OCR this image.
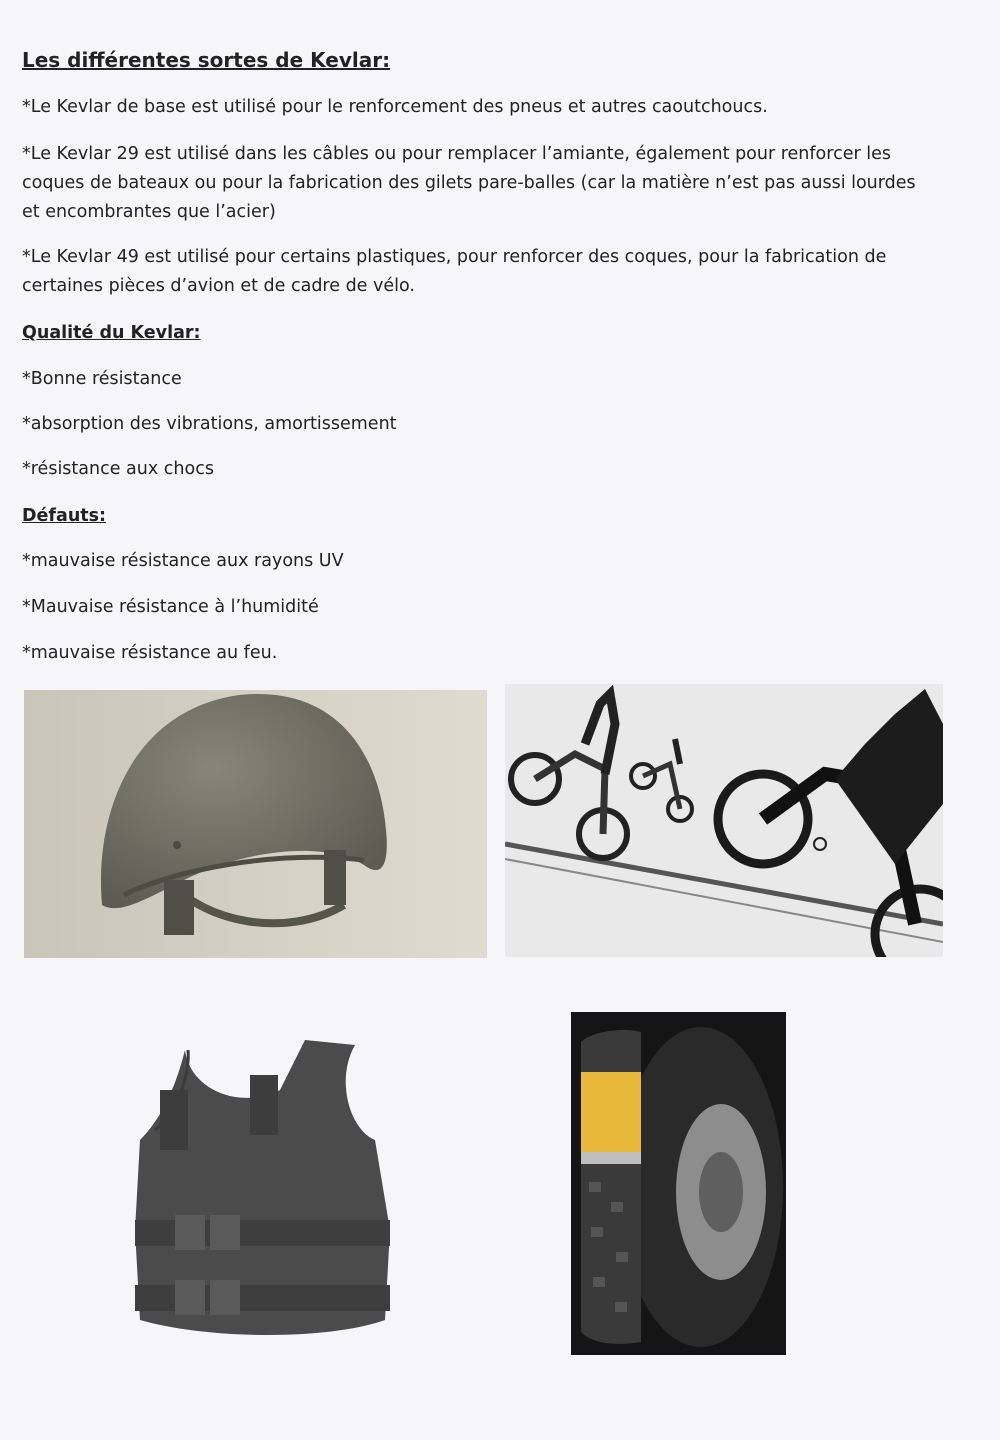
Les différentes sortes de Kevlar:
*Le Kevlar de base est utilisé pour le renforcement des pneus et autres caoutchoucs.
*Le Kevlar 29 est utilisé dans les câbles ou pour remplacer l’amiante, également pour renforcer les
coques de bateaux ou pour la fabrication des gilets pare-balles (car la matière n’est pas aussi lourdes
et encombrantes que l’acier)
*Le Kevlar 49 est utilisé pour certains plastiques, pour renforcer des coques, pour la fabrication de
certaines pièces d’avion et de cadre de vélo.
Qualité du Kevlar:
*Bonne résistance
*absorption des vibrations, amortissement
*résistance aux chocs
Défauts:
*mauvaise résistance aux rayons UV
*Mauvaise résistance à l’humidité
*mauvaise résistance au feu.
